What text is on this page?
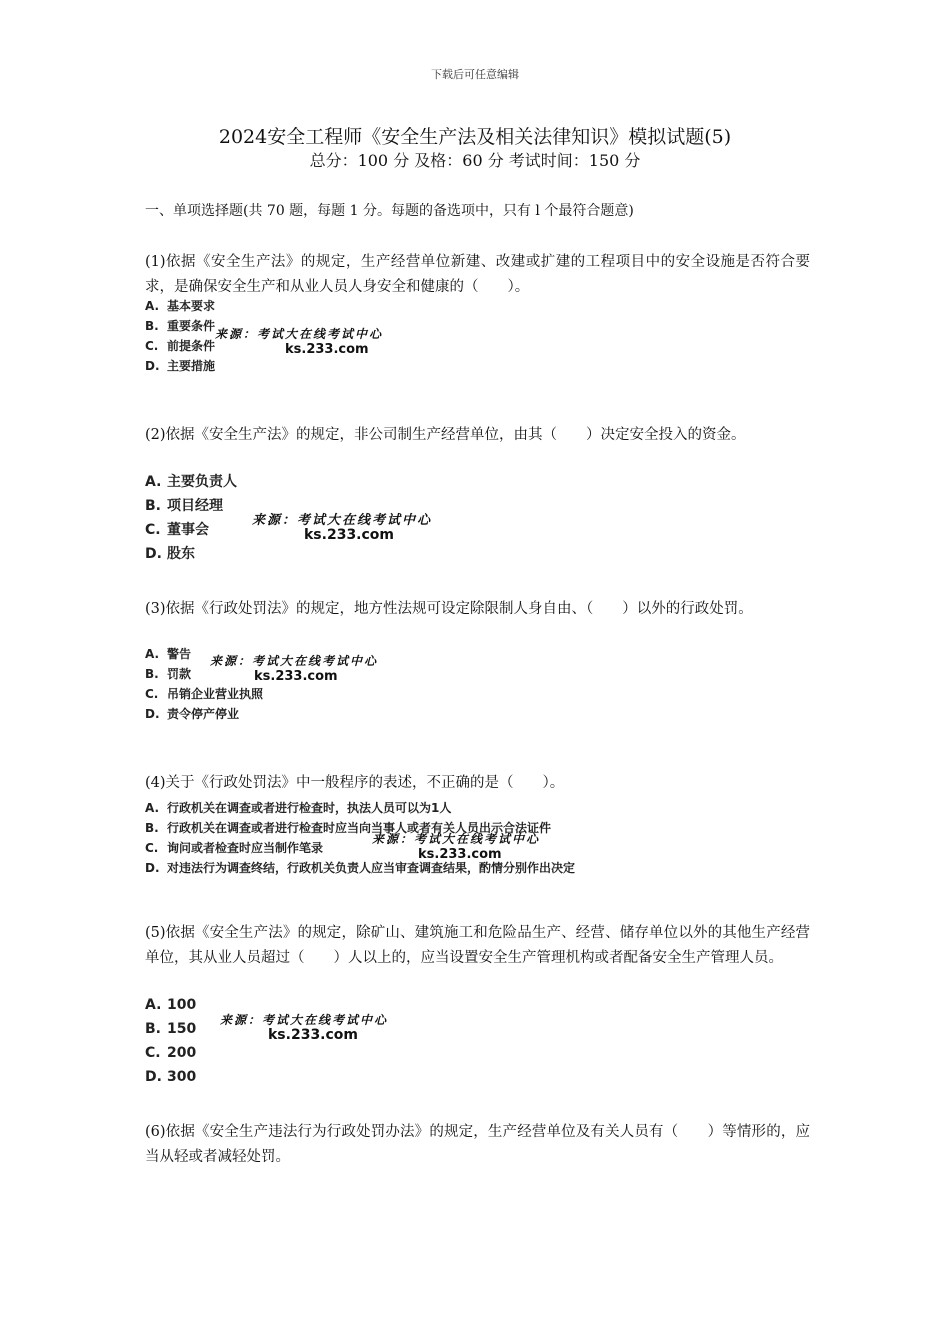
下载后可任意编辑
2024安全工程师《安全生产法及相关法律知识》模拟试题(5)
总分：100 分 及格：60 分 考试时间：150 分
一、单项选择题(共 70 题，每题 1 分。每题的备选项中，只有 l 个最符合题意)
(1)依据《安全生产法》的规定，生产经营单位新建、改建或扩建的工程项目中的安全设施是否符合要求，是确保安全生产和从业人员人身安全和健康的（　　）。
A. 基本要求
B. 重要条件
C. 前提条件
D. 主要措施
来源：考试大在线考试中心
ks.233.com
(2)依据《安全生产法》的规定，非公司制生产经营单位，由其（　　）决定安全投入的资金。
A. 主要负责人
B. 项目经理
C. 董事会
D. 股东
来源：考试大在线考试中心
ks.233.com
(3)依据《行政处罚法》的规定，地方性法规可设定除限制人身自由、（　　）以外的行政处罚。
A. 警告
B. 罚款
C. 吊销企业营业执照
D. 责令停产停业
来源：考试大在线考试中心
ks.233.com
(4)关于《行政处罚法》中一般程序的表述，不正确的是（　　）。
A. 行政机关在调查或者进行检查时，执法人员可以为1人
B. 行政机关在调查或者进行检查时应当向当事人或者有关人员出示合法证件
C. 询问或者检查时应当制作笔录
D. 对违法行为调查终结，行政机关负责人应当审查调查结果，酌情分别作出决定
来源：考试大在线考试中心
ks.233.com
(5)依据《安全生产法》的规定，除矿山、建筑施工和危险品生产、经营、储存单位以外的其他生产经营单位，其从业人员超过（　　）人以上的，应当设置安全生产管理机构或者配备安全生产管理人员。
A. 100
B. 150
C. 200
D. 300
来源：考试大在线考试中心
ks.233.com
(6)依据《安全生产违法行为行政处罚办法》的规定，生产经营单位及有关人员有（　　）等情形的，应当从轻或者减轻处罚。
